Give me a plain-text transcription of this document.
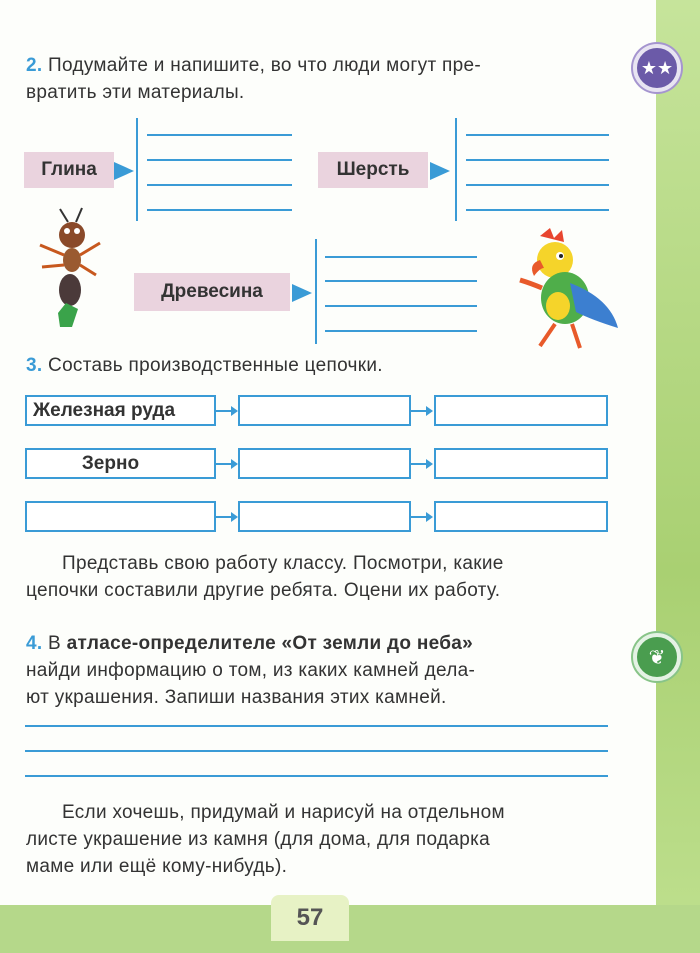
★★
❦
2. Подумайте и напишите, во что люди могут пре-
вратить эти материалы.
Глина	Шерсть
Древесина
3. Составь производственные цепочки.
Железная руда
Зерно
Представь свою работу классу. Посмотри, какие
цепочки составили другие ребята. Оцени их работу.
4. В атласе-определителе «От земли до неба»
найди информацию о том, из каких камней дела-
ют украшения. Запиши названия этих камней.
Если хочешь, придумай и нарисуй на отдельном
листе украшение из камня (для дома, для подарка
маме или ещё кому-нибудь).
57
